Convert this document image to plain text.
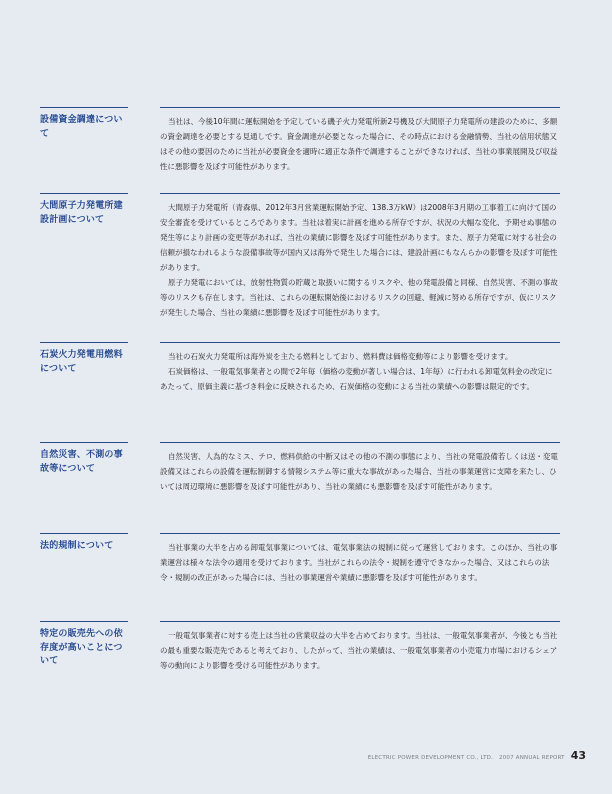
設備資金調達について

当社は、今後10年間に運転開始を予定している磯子火力発電所新2号機及び大間原子力発電所の建設のために、多額の資金調達を必要とする見通しです。資金調達が必要となった場合に、その時点における金融情勢、当社の信用状態又はその他の要因のために当社が必要資金を適時に適正な条件で調達することができなければ、当社の事業展開及び収益性に悪影響を及ぼす可能性があります。

大間原子力発電所建設計画について

大間原子力発電所（青森県、2012年3月営業運転開始予定、138.3万kW）は2008年3月期の工事着工に向けて国の安全審査を受けているところであります。当社は着実に計画を進める所存ですが、状況の大幅な変化、予期せぬ事態の発生等により計画の変更等があれば、当社の業績に影響を及ぼす可能性があります。また、原子力発電に対する社会の信頼が損なわれるような設備事故等が国内又は海外で発生した場合には、建設計画にもなんらかの影響を及ぼす可能性があります。

原子力発電においては、放射性物質の貯蔵と取扱いに関するリスクや、他の発電設備と同様、自然災害、不測の事故等のリスクも存在します。当社は、これらの運転開始後におけるリスクの回避、軽減に努める所存ですが、仮にリスクが発生した場合、当社の業績に悪影響を及ぼす可能性があります。

石炭火力発電用燃料について

当社の石炭火力発電所は海外炭を主たる燃料としており、燃料費は価格変動等により影響を受けます。

石炭価格は、一般電気事業者との間で2年毎（価格の変動が著しい場合は、1年毎）に行われる卸電気料金の改定にあたって、原価主義に基づき料金に反映されるため、石炭価格の変動による当社の業績への影響は限定的です。

自然災害、不測の事故等について

自然災害、人為的なミス、テロ、燃料供給の中断又はその他の不測の事態により、当社の発電設備若しくは送・変電設備又はこれらの設備を運転制御する情報システム等に重大な事故があった場合、当社の事業運営に支障を来たし、ひいては周辺環境に悪影響を及ぼす可能性があり、当社の業績にも悪影響を及ぼす可能性があります。

法的規制について	当社事業の大半を占める卸電気事業については、電気事業法の規制に従って運営しております。このほか、当社の事業運営は様々な法令の適用を受けております。当社がこれらの法令・規制を遵守できなかった場合、又はこれらの法令・規制の改正があった場合には、当社の事業運営や業績に悪影響を及ぼす可能性があります。

特定の販売先への依存度が高いことについて

一般電気事業者に対する売上は当社の営業収益の大半を占めております。当社は、一般電気事業者が、今後とも当社の最も重要な販売先であると考えており、したがって、当社の業績は、一般電気事業者の小売電力市場におけるシェア等の動向により影響を受ける可能性があります。

ELECTRIC POWER DEVELOPMENT CO., LTD. 2007 ANNUAL REPORT 43
